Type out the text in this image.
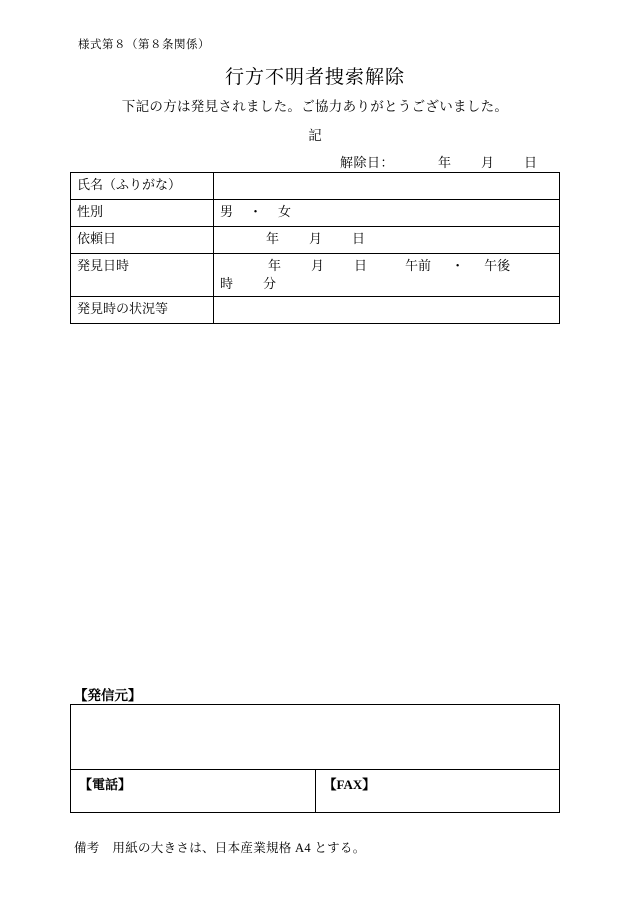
様式第８（第８条関係）
行方不明者捜索解除
下記の方は発見されました。ご協力ありがとうございました。
記
解除日：	年 月 日
氏名（ふりがな）	
性別	男 ・ 女
依頼日	年 月 日
発見日時	年 月 日 午前 ・ 午後時 分
発見時の状況等	
【発信元】

【電話】	【FAX】
備考　用紙の大きさは、日本産業規格 A4 とする。
